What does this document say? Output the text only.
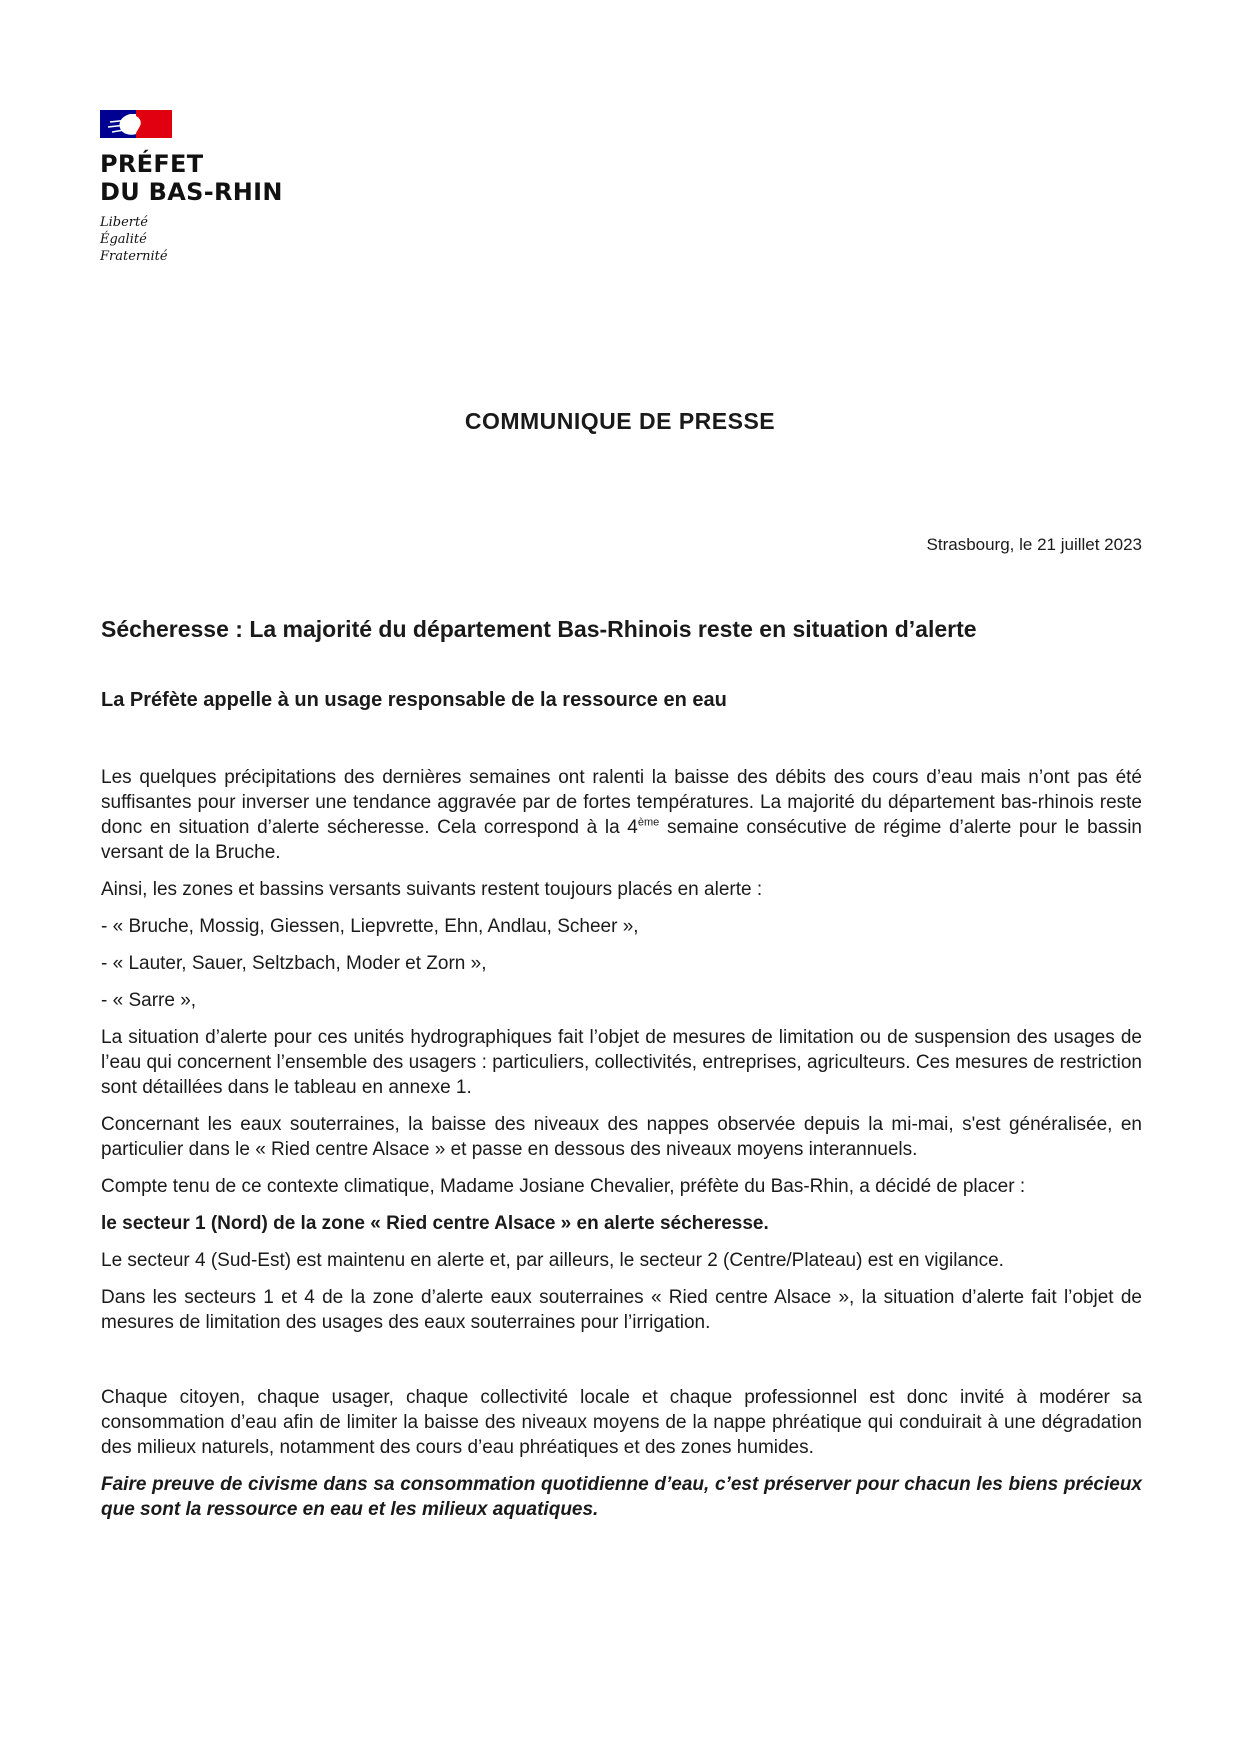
PRÉFET
DU BAS-RHIN
Liberté
Égalité
Fraternité
COMMUNIQUE DE PRESSE
Strasbourg, le 21 juillet 2023
Sécheresse : La majorité du département Bas-Rhinois reste en situation d’alerte
La Préfète appelle à un usage responsable de la ressource en eau

Les quelques précipitations des dernières semaines ont ralenti la baisse des débits des cours d’eau mais n’ont pas été suffisantes pour inverser une tendance aggravée par de fortes températures. La majorité du département bas-rhinois reste donc en situation d’alerte sécheresse. Cela correspond à la 4ème semaine consécutive de régime d’alerte pour le bassin versant de la Bruche.

Ainsi, les zones et bassins versants suivants restent toujours placés en alerte :

- « Bruche, Mossig, Giessen, Liepvrette, Ehn, Andlau, Scheer »,

- « Lauter, Sauer, Seltzbach, Moder et Zorn »,

- « Sarre »,

La situation d’alerte pour ces unités hydrographiques fait l’objet de mesures de limitation ou de suspension des usages de l’eau qui concernent l’ensemble des usagers : particuliers, collectivités, entreprises, agriculteurs. Ces mesures de restriction sont détaillées dans le tableau en annexe 1.

Concernant les eaux souterraines, la baisse des niveaux des nappes observée depuis la mi-mai, s'est généralisée, en particulier dans le « Ried centre Alsace » et passe en dessous des niveaux moyens interannuels.

Compte tenu de ce contexte climatique, Madame Josiane Chevalier, préfète du Bas-Rhin, a décidé de placer :

le secteur 1 (Nord) de la zone « Ried centre Alsace » en alerte sécheresse.

Le secteur 4 (Sud-Est) est maintenu en alerte et, par ailleurs, le secteur 2 (Centre/Plateau) est en vigilance.

Dans les secteurs 1 et 4 de la zone d’alerte eaux souterraines « Ried centre Alsace », la situation d’alerte fait l’objet de mesures de limitation des usages des eaux souterraines pour l’irrigation.

Chaque citoyen, chaque usager, chaque collectivité locale et chaque professionnel est donc invité à modérer sa consommation d’eau afin de limiter la baisse des niveaux moyens de la nappe phréatique qui conduirait à une dégradation des milieux naturels, notamment des cours d’eau phréatiques et des zones humides.

Faire preuve de civisme dans sa consommation quotidienne d’eau, c’est préserver pour chacun les biens précieux que sont la ressource en eau et les milieux aquatiques.
